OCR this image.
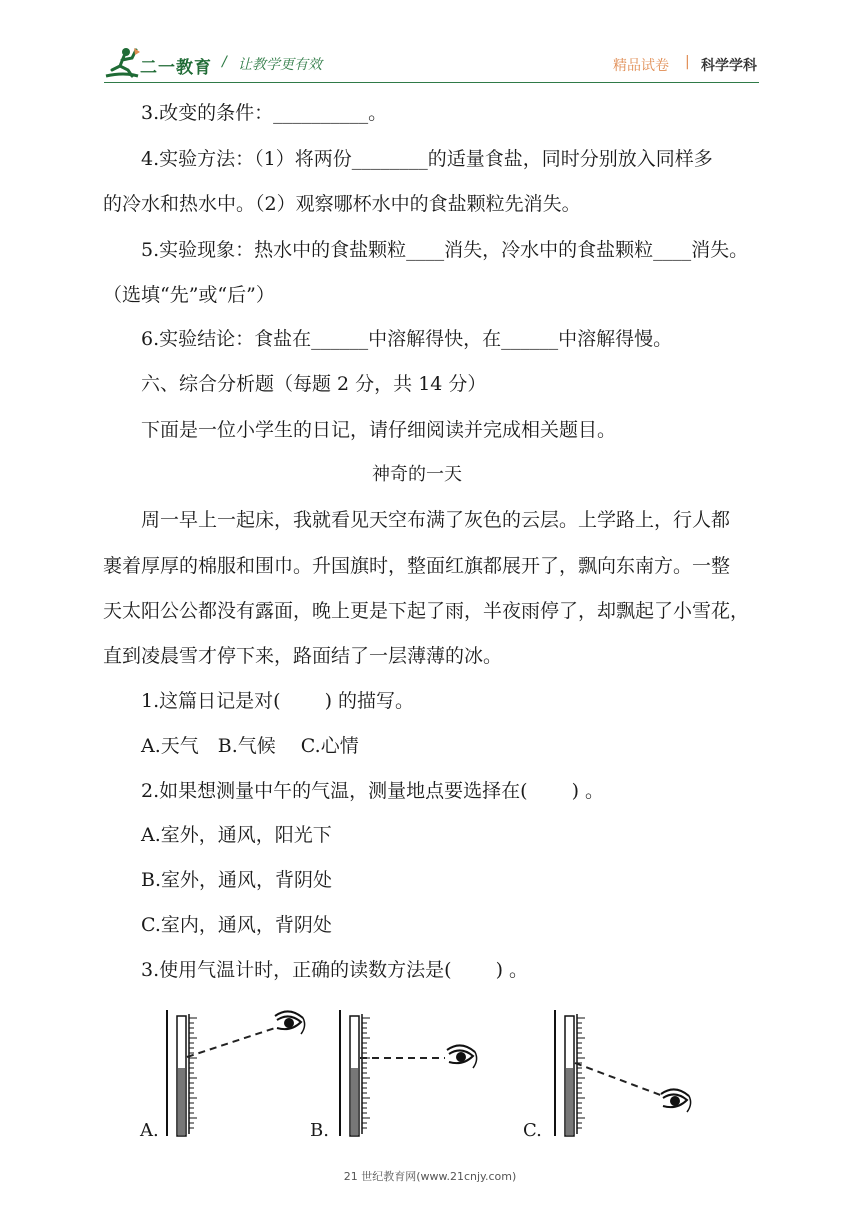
二一教育 / 让教学更有效	精品试卷 | 科学学科
3.改变的条件：__________。
4.实验方法：（1）将两份________的适量食盐，同时分别放入同样多
的冷水和热水中。（2）观察哪杯水中的食盐颗粒先消失。
5.实验现象：热水中的食盐颗粒____消失，冷水中的食盐颗粒____消失。
（选填“先”或“后”）
6.实验结论：食盐在______中溶解得快，在______中溶解得慢。
六、综合分析题（每题 2 分，共 14 分）
下面是一位小学生的日记，请仔细阅读并完成相关题目。
神奇的一天
周一早上一起床，我就看见天空布满了灰色的云层。上学路上，行人都
裹着厚厚的棉服和围巾。升国旗时，整面红旗都展开了，飘向东南方。一整
天太阳公公都没有露面，晚上更是下起了雨，半夜雨停了，却飘起了小雪花，
直到凌晨雪才停下来，路面结了一层薄薄的冰。
1.这篇日记是对(　　 ) 的描写。
A.天气　B.气候　 C.心情
2.如果想测量中午的气温，测量地点要选择在(　　 ) 。
A.室外，通风，阳光下
B.室外，通风，背阴处
C.室内，通风，背阴处
3.使用气温计时，正确的读数方法是(　　 ) 。
A.	B.	C.
21 世纪教育网(www.21cnjy.com)
